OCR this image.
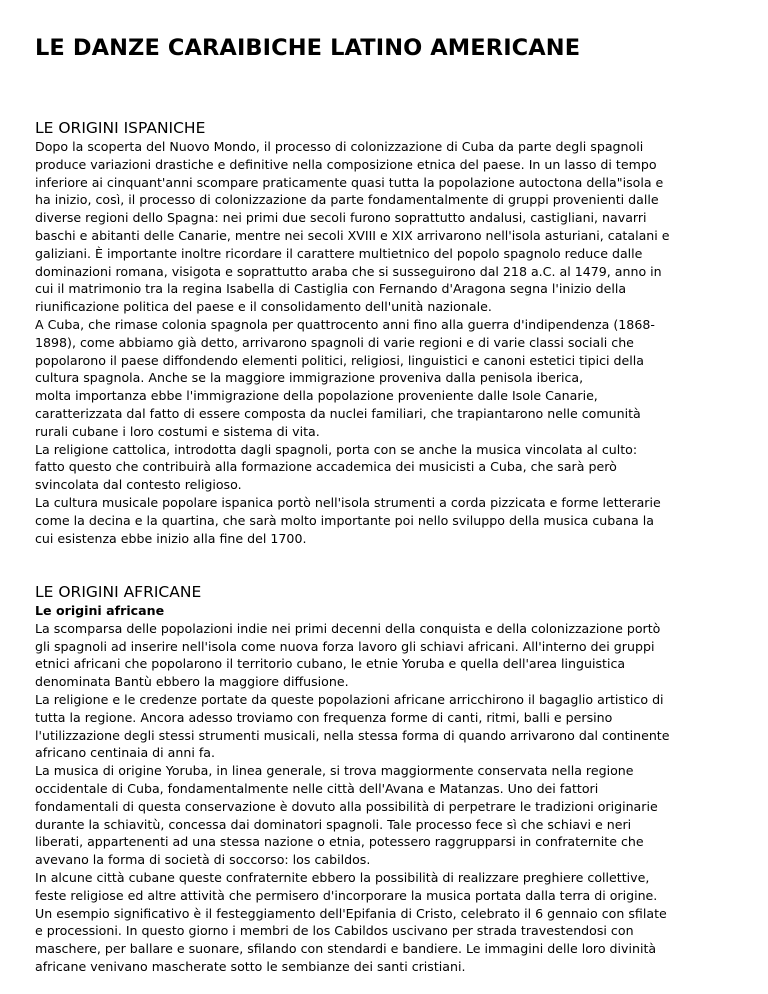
LE DANZE CARAIBICHE LATINO AMERICANE
LE ORIGINI ISPANICHE

Dopo la scoperta del Nuovo Mondo, il processo di colonizzazione di Cuba da parte degli spagnoli
produce variazioni drastiche e definitive nella composizione etnica del paese. In un lasso di tempo
inferiore ai cinquant'anni scompare praticamente quasi tutta la popolazione autoctona della"isola e
ha inizio, così, il processo di colonizzazione da parte fondamentalmente di gruppi provenienti dalle
diverse regioni dello Spagna: nei primi due secoli furono soprattutto andalusi, castigliani, navarri
baschi e abitanti delle Canarie, mentre nei secoli XVIII e XIX arrivarono nell'isola asturiani, catalani e
galiziani. È importante inoltre ricordare il carattere multietnico del popolo spagnolo reduce dalle
dominazioni romana, visigota e soprattutto araba che si susseguirono dal 218 a.C. al 1479, anno in
cui il matrimonio tra la regina Isabella di Castiglia con Fernando d'Aragona segna l'inizio della
riunificazione politica del paese e il consolidamento dell'unità nazionale.
A Cuba, che rimase colonia spagnola per quattrocento anni fino alla guerra d'indipendenza (1868-
1898), come abbiamo già detto, arrivarono spagnoli di varie regioni e di varie classi sociali che
popolarono il paese diffondendo elementi politici, religiosi, linguistici e canoni estetici tipici della
cultura spagnola. Anche se la maggiore immigrazione proveniva dalla penisola iberica,
molta importanza ebbe l'immigrazione della popolazione proveniente dalle Isole Canarie,
caratterizzata dal fatto di essere composta da nuclei familiari, che trapiantarono nelle comunità
rurali cubane i loro costumi e sistema di vita.
La religione cattolica, introdotta dagli spagnoli, porta con se anche la musica vincolata al culto:
fatto questo che contribuirà alla formazione accademica dei musicisti a Cuba, che sarà però
svincolata dal contesto religioso.
La cultura musicale popolare ispanica portò nell'isola strumenti a corda pizzicata e forme letterarie
come la decina e la quartina, che sarà molto importante poi nello sviluppo della musica cubana la
cui esistenza ebbe inizio alla fine del 1700.

LE ORIGINI AFRICANE
Le origini africane

La scomparsa delle popolazioni indie nei primi decenni della conquista e della colonizzazione portò
gli spagnoli ad inserire nell'isola come nuova forza lavoro gli schiavi africani. All'interno dei gruppi
etnici africani che popolarono il territorio cubano, le etnie Yoruba e quella dell'area linguistica
denominata Bantù ebbero la maggiore diffusione.
La religione e le credenze portate da queste popolazioni africane arricchirono il bagaglio artistico di
tutta la regione. Ancora adesso troviamo con frequenza forme di canti, ritmi, balli e persino
l'utilizzazione degli stessi strumenti musicali, nella stessa forma di quando arrivarono dal continente
africano centinaia di anni fa.
La musica di origine Yoruba, in linea generale, si trova maggiormente conservata nella regione
occidentale di Cuba, fondamentalmente nelle città dell'Avana e Matanzas. Uno dei fattori
fondamentali di questa conservazione è dovuto alla possibilità di perpetrare le tradizioni originarie
durante la schiavitù, concessa dai dominatori spagnoli. Tale processo fece sì che schiavi e neri
liberati, appartenenti ad una stessa nazione o etnia, potessero raggrupparsi in confraternite che
avevano la forma di società di soccorso: los cabildos.
In alcune città cubane queste confraternite ebbero la possibilità di realizzare preghiere collettive,
feste religiose ed altre attività che permisero d'incorporare la musica portata dalla terra di origine.
Un esempio significativo è il festeggiamento dell'Epifania di Cristo, celebrato il 6 gennaio con sfilate
e processioni. In questo giorno i membri de los Cabildos uscivano per strada travestendosi con
maschere, per ballare e suonare, sfilando con stendardi e bandiere. Le immagini delle loro divinità
africane venivano mascherate sotto le sembianze dei santi cristiani.
